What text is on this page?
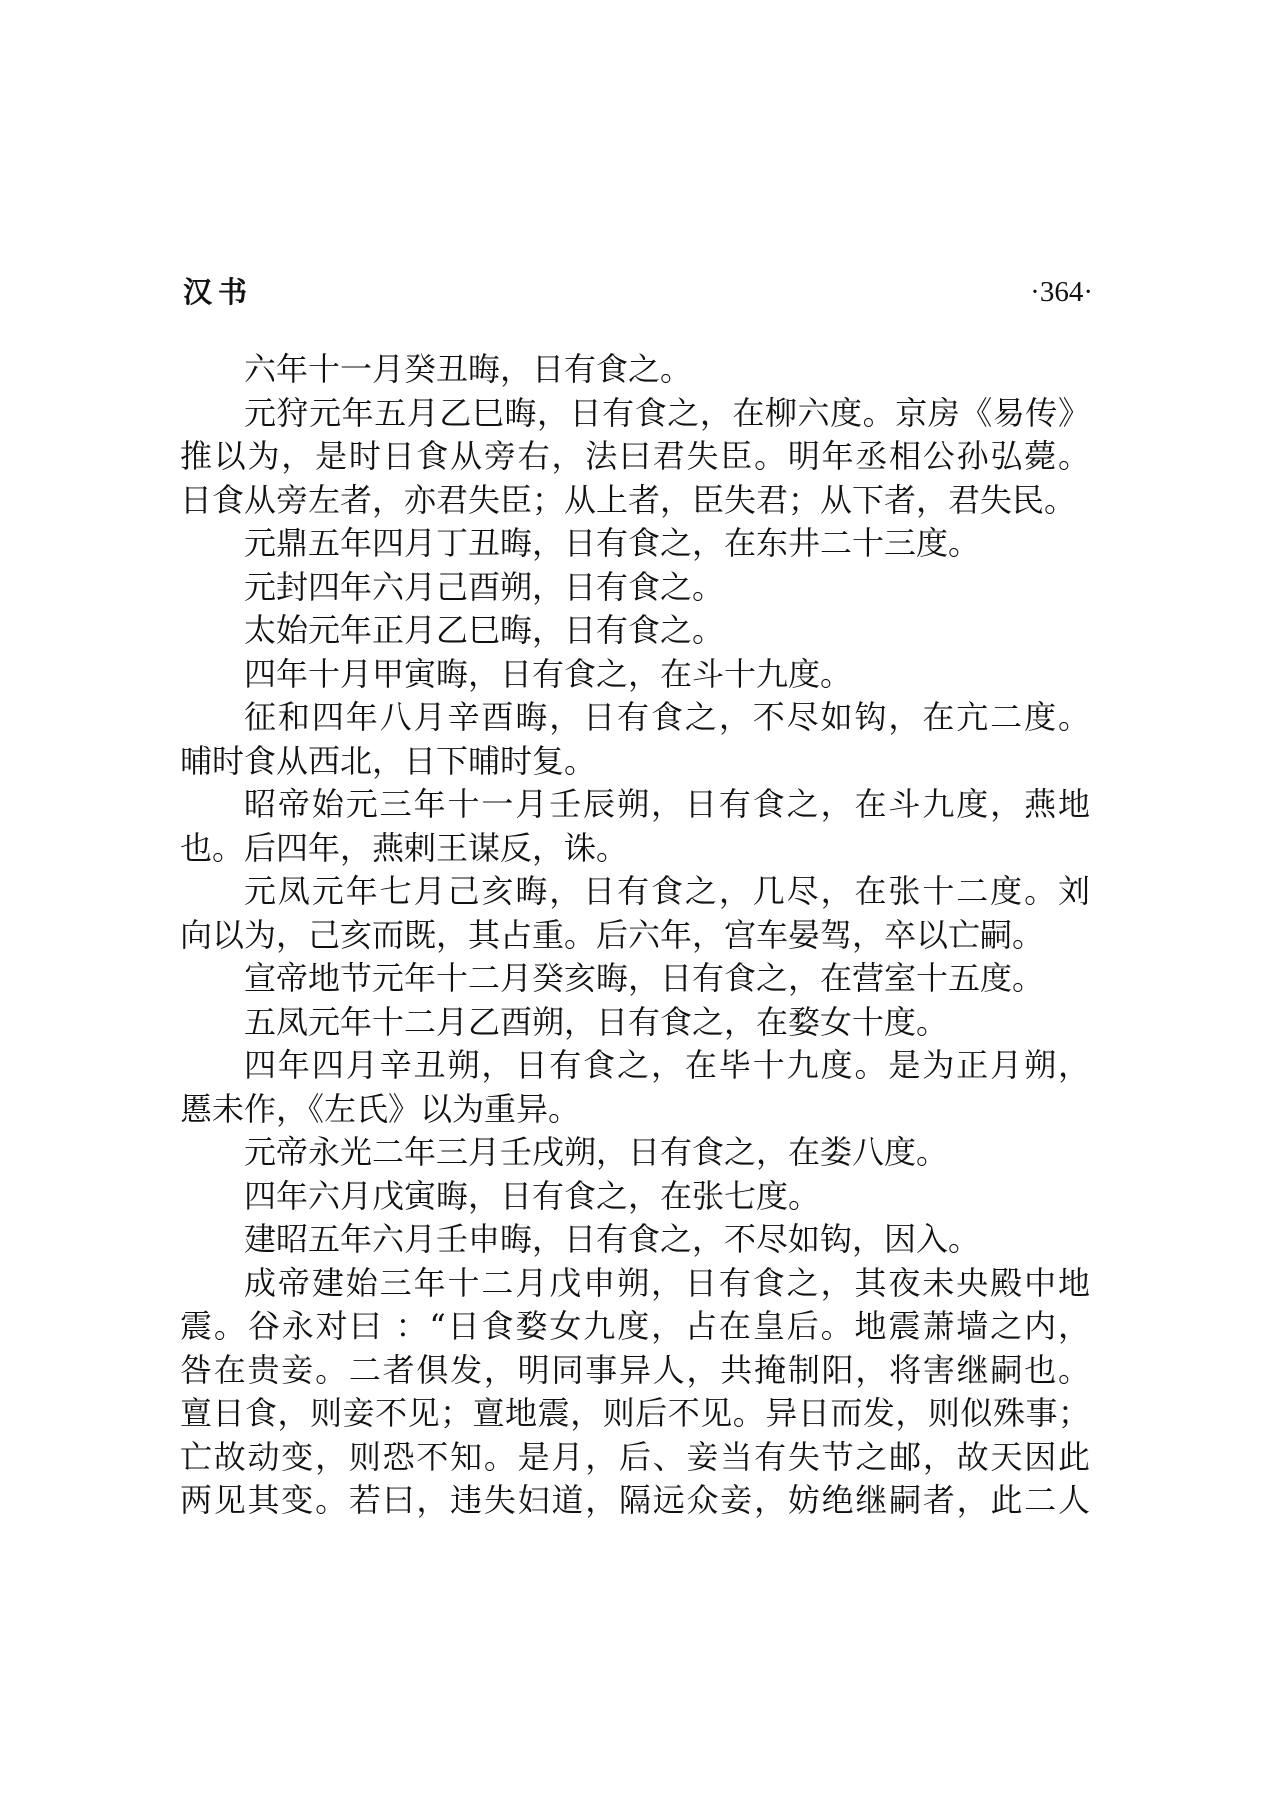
汉书	·364·
六年十一月癸丑晦，日有食之。
元狩元年五月乙巳晦，日有食之，在柳六度。京房《易传》
推以为，是时日食从旁右，法曰君失臣。明年丞相公孙弘薨。
日食从旁左者，亦君失臣；从上者，臣失君；从下者，君失民。
元鼎五年四月丁丑晦，日有食之，在东井二十三度。
元封四年六月己酉朔，日有食之。
太始元年正月乙巳晦，日有食之。
四年十月甲寅晦，日有食之，在斗十九度。
征和四年八月辛酉晦，日有食之，不尽如钩，在亢二度。
晡时食从西北，日下晡时复。
昭帝始元三年十一月壬辰朔，日有食之，在斗九度，燕地
也。后四年，燕剌王谋反，诛。
元凤元年七月己亥晦，日有食之，几尽，在张十二度。刘
向以为，己亥而既，其占重。后六年，宫车晏驾，卒以亡嗣。
宣帝地节元年十二月癸亥晦，日有食之，在营室十五度。
五凤元年十二月乙酉朔，日有食之，在婺女十度。
四年四月辛丑朔，日有食之，在毕十九度。是为正月朔，
慝未作，《左氏》以为重异。
元帝永光二年三月壬戌朔，日有食之，在娄八度。
四年六月戊寅晦，日有食之，在张七度。
建昭五年六月壬申晦，日有食之，不尽如钩，因入。
成帝建始三年十二月戊申朔，日有食之，其夜未央殿中地
震。谷永对曰 ：“日食婺女九度，占在皇后。地震萧墙之内，
咎在贵妾。二者俱发，明同事异人，共掩制阳，将害继嗣也。
亶日食，则妾不见；亶地震，则后不见。异日而发，则似殊事；
亡故动变，则恐不知。是月，后、妾当有失节之邮，故天因此
两见其变。若曰，违失妇道，隔远众妾，妨绝继嗣者，此二人
